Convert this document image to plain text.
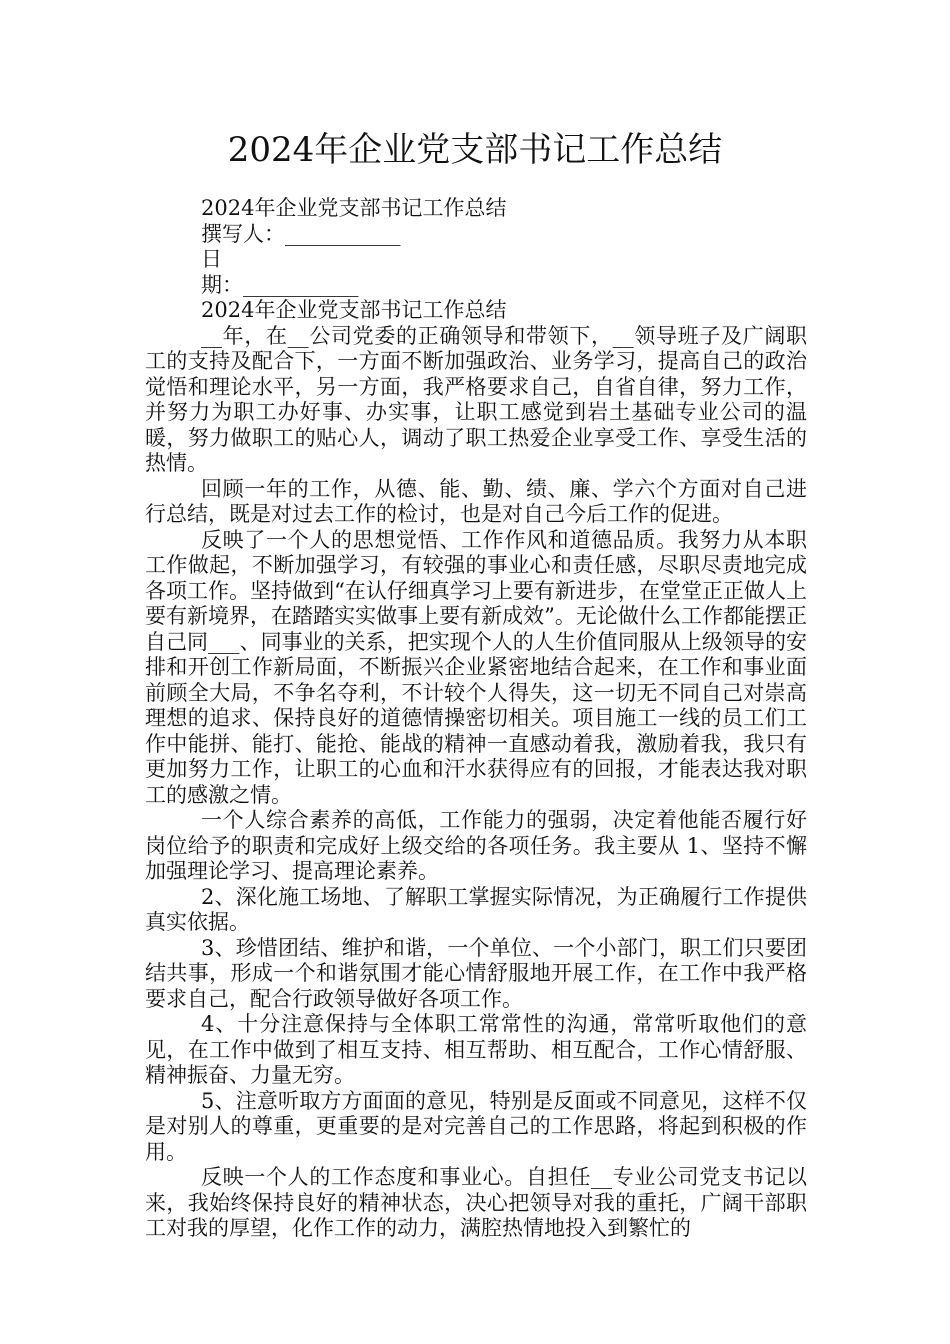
2024年企业党支部书记工作总结

2024年企业党支部书记工作总结

撰写人：___________

日

期：___________

2024年企业党支部书记工作总结

__年，在__公司党委的正确领导和带领下，__领导班子及广阔职工的支持及配合下，一方面不断加强政治、业务学习，提高自己的政治觉悟和理论水平，另一方面，我严格要求自己，自省自律，努力工作，并努力为职工办好事、办实事，让职工感觉到岩土基础专业公司的温暖，努力做职工的贴心人，调动了职工热爱企业享受工作、享受生活的热情。

回顾一年的工作，从德、能、勤、绩、廉、学六个方面对自己进行总结，既是对过去工作的检讨，也是对自己今后工作的促进。

反映了一个人的思想觉悟、工作作风和道德品质。我努力从本职工作做起，不断加强学习，有较强的事业心和责任感，尽职尽责地完成各项工作。坚持做到“在认仔细真学习上要有新进步，在堂堂正正做人上要有新境界，在踏踏实实做事上要有新成效”。无论做什么工作都能摆正自己同___、同事业的关系，把实现个人的人生价值同服从上级领导的安排和开创工作新局面，不断振兴企业紧密地结合起来，在工作和事业面前顾全大局，不争名夺利，不计较个人得失，这一切无不同自己对崇高理想的追求、保持良好的道德情操密切相关。项目施工一线的员工们工作中能拼、能打、能抢、能战的精神一直感动着我，激励着我，我只有更加努力工作，让职工的心血和汗水获得应有的回报，才能表达我对职工的感激之情。

一个人综合素养的高低，工作能力的强弱，决定着他能否履行好岗位给予的职责和完成好上级交给的各项任务。我主要从 1、坚持不懈加强理论学习、提高理论素养。

2、深化施工场地、了解职工掌握实际情况，为正确履行工作提供真实依据。

3、珍惜团结、维护和谐，一个单位、一个小部门，职工们只要团结共事，形成一个和谐氛围才能心情舒服地开展工作，在工作中我严格要求自己，配合行政领导做好各项工作。

4、十分注意保持与全体职工常常性的沟通，常常听取他们的意见，在工作中做到了相互支持、相互帮助、相互配合，工作心情舒服、精神振奋、力量无穷。

5、注意听取方方面面的意见，特别是反面或不同意见，这样不仅是对别人的尊重，更重要的是对完善自己的工作思路，将起到积极的作用。

反映一个人的工作态度和事业心。自担任__专业公司党支书记以来，我始终保持良好的精神状态，决心把领导对我的重托，广阔干部职工对我的厚望，化作工作的动力，满腔热情地投入到繁忙的
